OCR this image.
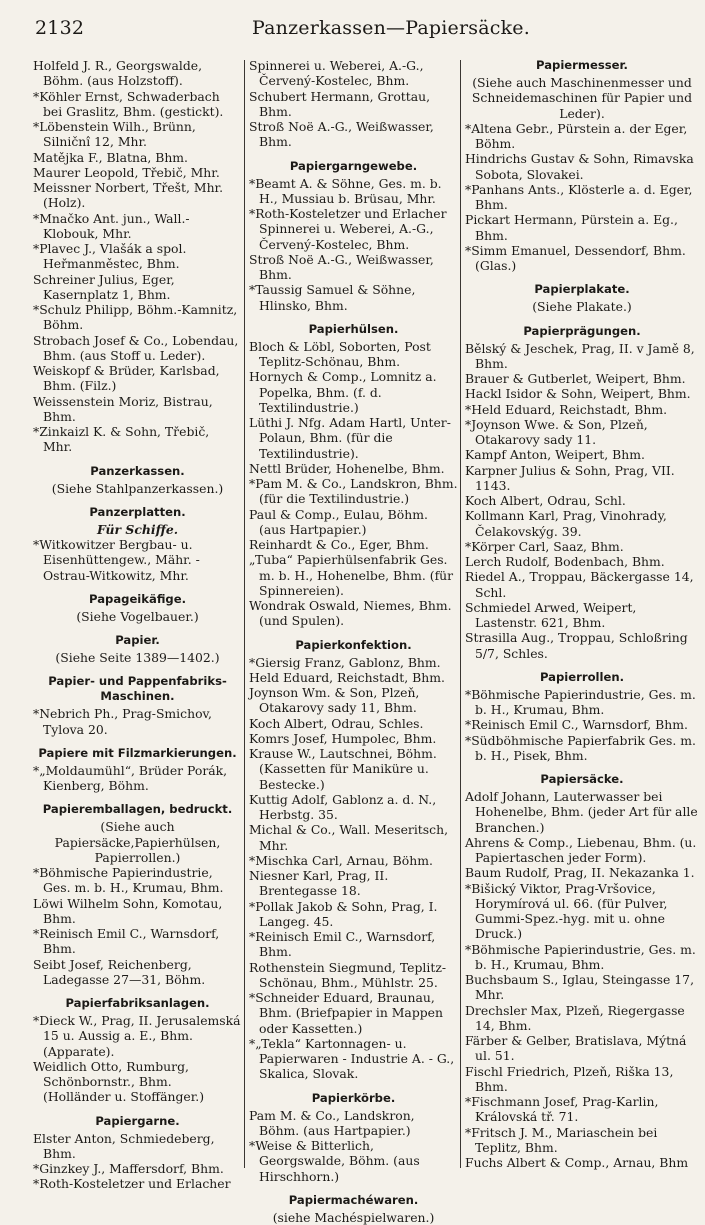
2132	Panzerkassen—Papiersäcke.

Holfeld J. R., Georgswalde, Böhm. (aus Holzstoff).

*Köhler Ernst, Schwaderbach bei Graslitz, Bhm. (gestickt).

*Löbenstein Wilh., Brünn, Silničnî 12, Mhr.

Matějka F., Blatna, Bhm.

Maurer Leopold, Třebič, Mhr.

Meissner Norbert, Třešt, Mhr. (Holz).

*Mnačko Ant. jun., Wall.-Klobouk, Mhr.

*Plavec J., Vlašák a spol. Heřmanměstec, Bhm.

Schreiner Julius, Eger, Kasernplatz 1, Bhm.

*Schulz Philipp, Böhm.-Kamnitz, Böhm.

Strobach Josef & Co., Lobendau, Bhm. (aus Stoff u. Leder).

Weiskopf & Brüder, Karlsbad, Bhm. (Filz.)

Weissenstein Moriz, Bistrau, Bhm.

*Zinkaizl K. & Sohn, Třebič, Mhr.

Panzerkassen.

(Siehe Stahlpanzerkassen.)

Panzerplatten.

Für Schiffe.

*Witkowitzer Bergbau- u. Eisenhüttengew., Mähr. - Ostrau-Witkowitz, Mhr.

Papageikäfige.

(Siehe Vogelbauer.)

Papier.

(Siehe Seite 1389—1402.)

Papier- und Pappenfabriks-Maschinen.

*Nebrich Ph., Prag-Smichov, Tylova 20.

Papiere mit Filzmarkierungen.

*„Moldaumühl“, Brüder Porák, Kienberg, Böhm.

Papieremballagen, bedruckt.

(Siehe auch Papiersäcke,Papierhülsen, Papierrollen.)

*Böhmische Papierindustrie, Ges. m. b. H., Krumau, Bhm.

Löwi Wilhelm Sohn, Komotau, Bhm.

*Reinisch Emil C., Warnsdorf, Bhm.

Seibt Josef, Reichenberg, Ladegasse 27—31, Böhm.

Papierfabriksanlagen.

*Dieck W., Prag, II. Jerusalemská 15 u. Aussig a. E., Bhm. (Apparate).

Weidlich Otto, Rumburg, Schönbornstr., Bhm. (Holländer u. Stoffänger.)

Papiergarne.

Elster Anton, Schmiedeberg, Bhm.

*Ginzkey J., Maffersdorf, Bhm.

*Roth-Kosteletzer und Erlacher

Spinnerei u. Weberei, A.-G., Červený-Kostelec, Bhm.

Schubert Hermann, Grottau, Bhm.

Stroß Noë A.-G., Weißwasser, Bhm.

Papiergarngewebe.

*Beamt A. & Söhne, Ges. m. b. H., Mussiau b. Brüsau, Mhr.

*Roth-Kosteletzer und Erlacher Spinnerei u. Weberei, A.-G., Červený-Kostelec, Bhm.

Stroß Noë A.-G., Weißwasser, Bhm.

*Taussig Samuel & Söhne, Hlinsko, Bhm.

Papierhülsen.

Bloch & Löbl, Soborten, Post Teplitz-Schönau, Bhm.

Hornych & Comp., Lomnitz a. Popelka, Bhm. (f. d. Textilindustrie.)

Lüthi J. Nfg. Adam Hartl, Unter-Polaun, Bhm. (für die Textilindustrie).

Nettl Brüder, Hohenelbe, Bhm.

*Pam M. & Co., Landskron, Bhm. (für die Textilindustrie.)

Paul & Comp., Eulau, Böhm. (aus Hartpapier.)

Reinhardt & Co., Eger, Bhm.

„Tuba“ Papierhülsenfabrik Ges. m. b. H., Hohenelbe, Bhm. (für Spinnereien).

Wondrak Oswald, Niemes, Bhm. (und Spulen).

Papierkonfektion.

*Giersig Franz, Gablonz, Bhm.

Held Eduard, Reichstadt, Bhm.

Joynson Wm. & Son, Plzeň, Otakarovy sady 11, Bhm.

Koch Albert, Odrau, Schles.

Komrs Josef, Humpolec, Bhm.

Krause W., Lautschnei, Böhm. (Kassetten für Maniküre u. Bestecke.)

Kuttig Adolf, Gablonz a. d. N., Herbstg. 35.

Michal & Co., Wall. Meseritsch, Mhr.

*Mischka Carl, Arnau, Böhm.

Niesner Karl, Prag, II. Brentegasse 18.

*Pollak Jakob & Sohn, Prag, I. Langeg. 45.

*Reinisch Emil C., Warnsdorf, Bhm.

Rothenstein Siegmund, Teplitz-Schönau, Bhm., Mühlstr. 25.

*Schneider Eduard, Braunau, Bhm. (Briefpapier in Mappen oder Kassetten.)

*„Tekla“ Kartonnagen- u. Papierwaren - Industrie A. - G., Skalica, Slovak.

Papierkörbe.

Pam M. & Co., Landskron, Böhm. (aus Hartpapier.)

*Weise & Bitterlich, Georgswalde, Böhm. (aus Hirschhorn.)

Papiermachéwaren.

(siehe Machéspielwaren.)

Papiermesser.

(Siehe auch Maschinenmesser und Schneidemaschinen für Papier und Leder).

*Altena Gebr., Pürstein a. der Eger, Böhm.

Hindrichs Gustav & Sohn, Rimavska Sobota, Slovakei.

*Panhans Ants., Klösterle a. d. Eger, Bhm.

Pickart Hermann, Pürstein a. Eg., Bhm.

*Simm Emanuel, Dessendorf, Bhm. (Glas.)

Papierplakate.

(Siehe Plakate.)

Papierprägungen.

Bělský & Jeschek, Prag, II. v Jamě 8, Bhm.

Brauer & Gutberlet, Weipert, Bhm.

Hackl Isidor & Sohn, Weipert, Bhm.

*Held Eduard, Reichstadt, Bhm.

*Joynson Wwe. & Son, Plzeň, Otakarovy sady 11.

Kampf Anton, Weipert, Bhm.

Karpner Julius & Sohn, Prag, VII. 1143.

Koch Albert, Odrau, Schl.

Kollmann Karl, Prag, Vinohrady, Čelakovskýg. 39.

*Körper Carl, Saaz, Bhm.

Lerch Rudolf, Bodenbach, Bhm.

Riedel A., Troppau, Bäckergasse 14, Schl.

Schmiedel Arwed, Weipert, Lastenstr. 621, Bhm.

Strasilla Aug., Troppau, Schloßring 5/7, Schles.

Papierrollen.

*Böhmische Papierindustrie, Ges. m. b. H., Krumau, Bhm.

*Reinisch Emil C., Warnsdorf, Bhm.

*Südböhmische Papierfabrik Ges. m. b. H., Pisek, Bhm.

Papiersäcke.

Adolf Johann, Lauterwasser bei Hohenelbe, Bhm. (jeder Art für alle Branchen.)

Ahrens & Comp., Liebenau, Bhm. (u. Papiertaschen jeder Form).

Baum Rudolf, Prag, II. Nekazanka 1.

*Bišický Viktor, Prag-Vršovice, Horymírová ul. 66. (für Pulver, Gummi-Spez.-hyg. mit u. ohne Druck.)

*Böhmische Papierindustrie, Ges. m. b. H., Krumau, Bhm.

Buchsbaum S., Iglau, Steingasse 17, Mhr.

Drechsler Max, Plzeň, Riegergasse 14, Bhm.

Färber & Gelber, Bratislava, Mýtná ul. 51.

Fischl Friedrich, Plzeň, Riška 13, Bhm.

*Fischmann Josef, Prag-Karlin, Královská tř. 71.

*Fritsch J. M., Mariaschein bei Teplitz, Bhm.

Fuchs Albert & Comp., Arnau, Bhm
